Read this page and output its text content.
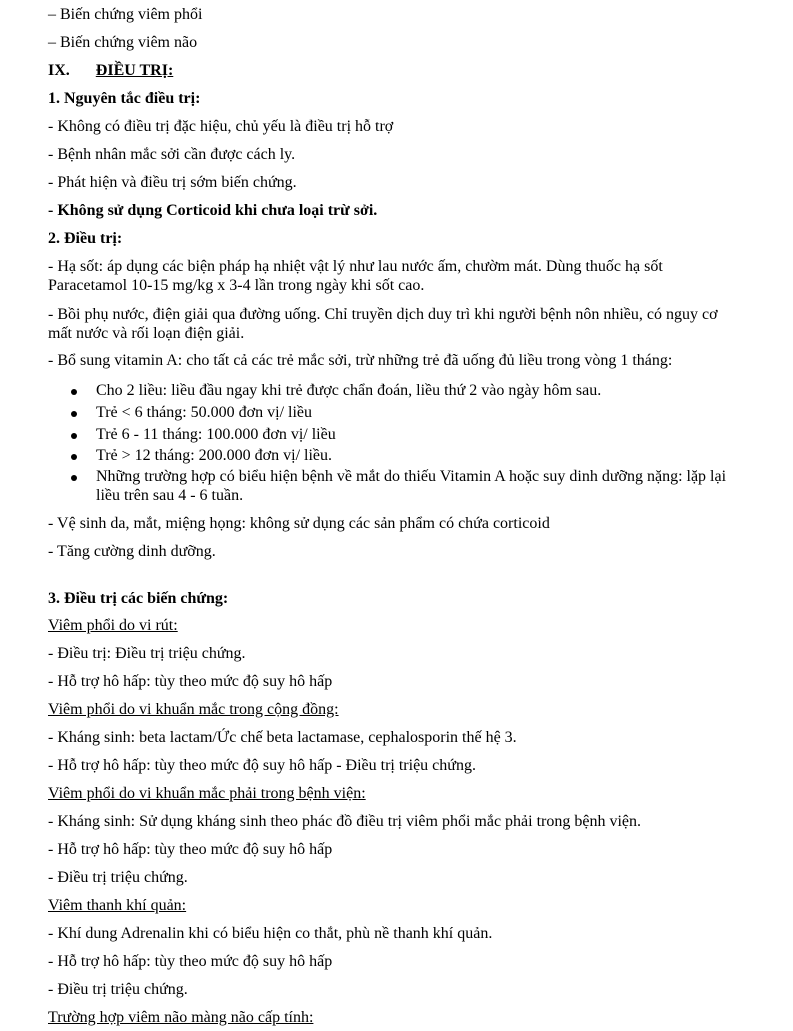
– Biến chứng viêm phổi
– Biến chứng viêm não
IX. ĐIỀU TRỊ:
1. Nguyên tắc điều trị:
- Không có điều trị đặc hiệu, chủ yếu là điều trị hỗ trợ
- Bệnh nhân mắc sởi cần được cách ly.
- Phát hiện và điều trị sớm biến chứng.
- Không sử dụng Corticoid khi chưa loại trừ sởi.
2. Điều trị:
- Hạ sốt: áp dụng các biện pháp hạ nhiệt vật lý như lau nước ấm, chườm mát. Dùng thuốc hạ sốt Paracetamol 10-15 mg/kg x 3-4 lần trong ngày khi sốt cao.
- Bồi phụ nước, điện giải qua đường uống. Chỉ truyền dịch duy trì khi người bệnh nôn nhiều, có nguy cơ mất nước và rối loạn điện giải.
- Bổ sung vitamin A: cho tất cả các trẻ mắc sởi, trừ những trẻ đã uống đủ liều trong vòng 1 tháng:
Cho 2 liều: liều đầu ngay khi trẻ được chẩn đoán, liều thứ 2 vào ngày hôm sau.
Trẻ < 6 tháng: 50.000 đơn vị/ liều
Trẻ 6 - 11 tháng: 100.000 đơn vị/ liều
Trẻ > 12 tháng: 200.000 đơn vị/ liều.
Những trường hợp có biểu hiện bệnh về mắt do thiếu Vitamin A hoặc suy dinh dưỡng nặng: lặp lại liều trên sau 4 - 6 tuần.
- Vệ sinh da, mắt, miệng họng: không sử dụng các sản phẩm có chứa corticoid
- Tăng cường dinh dưỡng.
3. Điều trị các biến chứng:
Viêm phổi do vi rút:
- Điều trị: Điều trị triệu chứng.
- Hỗ trợ hô hấp: tùy theo mức độ suy hô hấp
Viêm phổi do vi khuẩn mắc trong cộng đồng:
- Kháng sinh: beta lactam/Ức chế beta lactamase, cephalosporin thế hệ 3.
- Hỗ trợ hô hấp: tùy theo mức độ suy hô hấp - Điều trị triệu chứng.
Viêm phổi do vi khuẩn mắc phải trong bệnh viện:
- Kháng sinh: Sử dụng kháng sinh theo phác đồ điều trị viêm phổi mắc phải trong bệnh viện.
- Hỗ trợ hô hấp: tùy theo mức độ suy hô hấp
- Điều trị triệu chứng.
Viêm thanh khí quản:
- Khí dung Adrenalin khi có biểu hiện co thắt, phù nề thanh khí quản.
- Hỗ trợ hô hấp: tùy theo mức độ suy hô hấp
- Điều trị triệu chứng.
Trường hợp viêm não màng não cấp tính:
